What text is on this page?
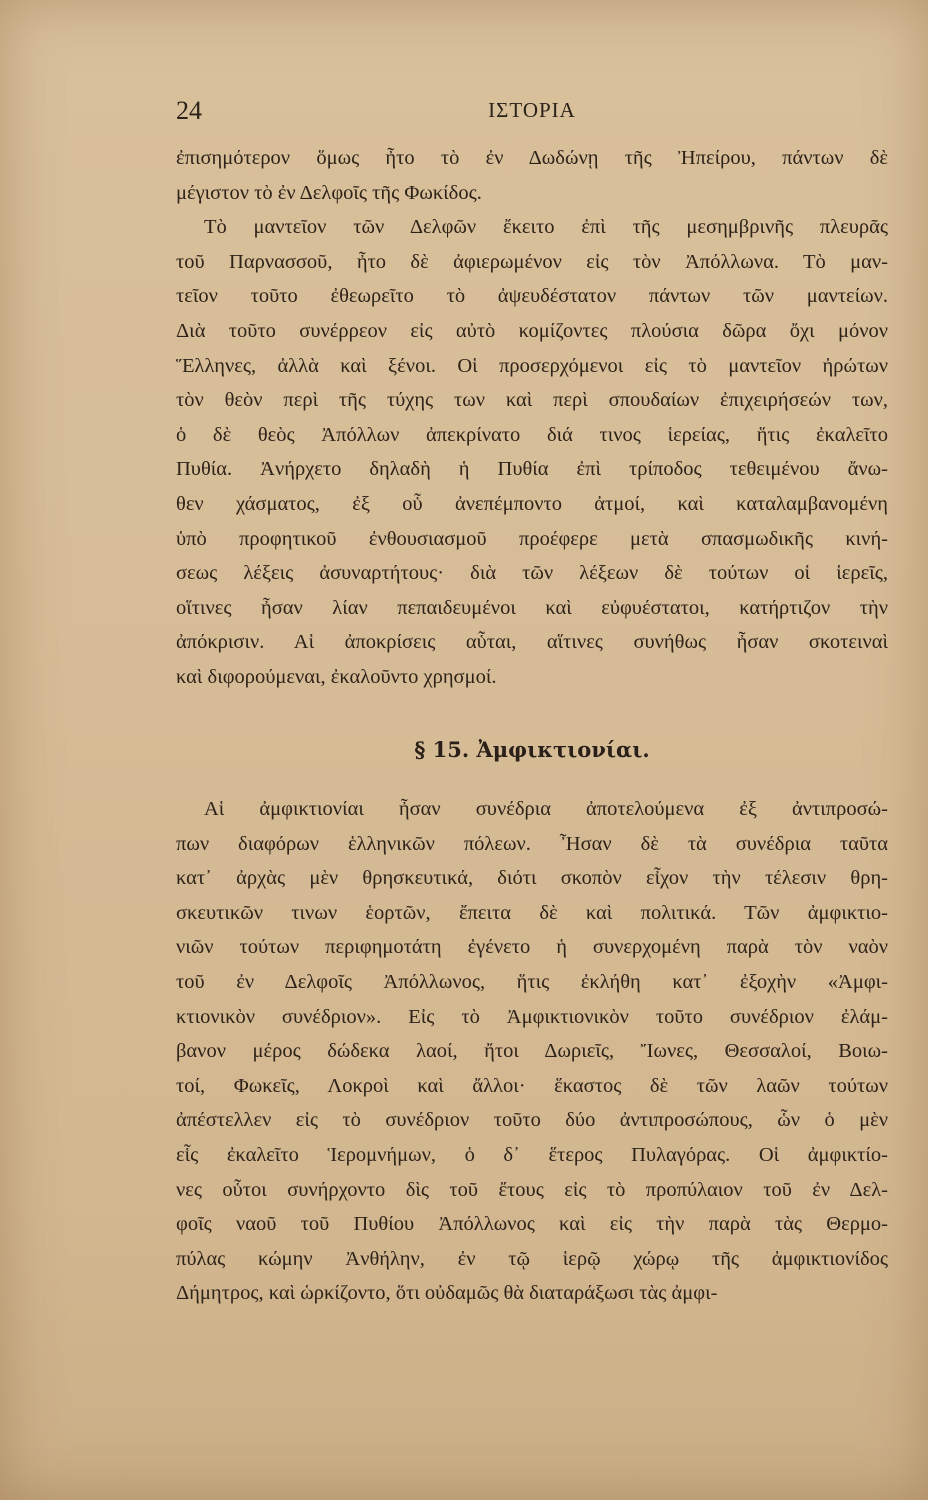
24	ΙΣΤΟΡΙΑ
ἐπισημότερον ὅμως ἦτο τὸ ἐν Δωδώνῃ τῆς Ἠπείρου, πάντων δὲ
μέγιστον τὸ ἐν Δελφοῖς τῆς Φωκίδος.
Τὸ μαντεῖον τῶν Δελφῶν ἔκειτο ἐπὶ τῆς μεσημβρινῆς πλευρᾶς
τοῦ Παρνασσοῦ, ἦτο δὲ ἀφιερωμένον εἰς τὸν Ἀπόλλωνα. Τὸ μαν-
τεῖον τοῦτο ἐθεωρεῖτο τὸ ἀψευδέστατον πάντων τῶν μαντείων.
Διὰ τοῦτο συνέρρεον εἰς αὐτὸ κομίζοντες πλούσια δῶρα ὄχι μόνον
Ἕλληνες, ἀλλὰ καὶ ξένοι. Οἱ προσερχόμενοι εἰς τὸ μαντεῖον ἠρώτων
τὸν θεὸν περὶ τῆς τύχης των καὶ περὶ σπουδαίων ἐπιχειρήσεών των,
ὁ δὲ θεὸς Ἀπόλλων ἀπεκρίνατο διά τινος ἱερείας, ἥτις ἐκαλεῖτο
Πυθία. Ἀνήρχετο δηλαδὴ ἡ Πυθία ἐπὶ τρίποδος τεθειμένου ἄνω-
θεν χάσματος, ἐξ οὗ ἀνεπέμποντο ἀτμοί, καὶ καταλαμβανομένη
ὑπὸ προφητικοῦ ἐνθουσιασμοῦ προέφερε μετὰ σπασμωδικῆς κινή-
σεως λέξεις ἀσυναρτήτους· διὰ τῶν λέξεων δὲ τούτων οἱ ἱερεῖς,
οἵτινες ἦσαν λίαν πεπαιδευμένοι καὶ εὐφυέστατοι, κατήρτιζον τὴν
ἀπόκρισιν. Αἱ ἀποκρίσεις αὗται, αἵτινες συνήθως ἦσαν σκοτειναὶ
καὶ διφορούμεναι, ἐκαλοῦντο χρησμοί.
§ 15. Ἀμφικτιονίαι.
Αἱ ἀμφικτιονίαι ἦσαν συνέδρια ἀποτελούμενα ἐξ ἀντιπροσώ-
πων διαφόρων ἑλληνικῶν πόλεων. Ἦσαν δὲ τὰ συνέδρια ταῦτα
κατ᾽ ἀρχὰς μὲν θρησκευτικά, διότι σκοπὸν εἶχον τὴν τέλεσιν θρη-
σκευτικῶν τινων ἑορτῶν, ἔπειτα δὲ καὶ πολιτικά. Τῶν ἀμφικτιο-
νιῶν τούτων περιφημοτάτη ἐγένετο ἡ συνερχομένη παρὰ τὸν ναὸν
τοῦ ἐν Δελφοῖς Ἀπόλλωνος, ἥτις ἐκλήθη κατ᾽ ἐξοχὴν «Ἀμφι-
κτιονικὸν συνέδριον». Εἰς τὸ Ἀμφικτιονικὸν τοῦτο συνέδριον ἐλάμ-
βανον μέρος δώδεκα λαοί, ἤτοι Δωριεῖς, Ἴωνες, Θεσσαλοί, Βοιω-
τοί, Φωκεῖς, Λοκροὶ καὶ ἄλλοι· ἕκαστος δὲ τῶν λαῶν τούτων
ἀπέστελλεν εἰς τὸ συνέδριον τοῦτο δύο ἀντιπροσώπους, ὧν ὁ μὲν
εἷς ἐκαλεῖτο Ἱερομνήμων, ὁ δ᾽ ἕτερος Πυλαγόρας. Οἱ ἀμφικτίο-
νες οὗτοι συνήρχοντο δὶς τοῦ ἔτους εἰς τὸ προπύλαιον τοῦ ἐν Δελ-
φοῖς ναοῦ τοῦ Πυθίου Ἀπόλλωνος καὶ εἰς τὴν παρὰ τὰς Θερμο-
πύλας κώμην Ἀνθήλην, ἐν τῷ ἱερῷ χώρῳ τῆς ἀμφικτιονίδος
Δήμητρος, καὶ ὡρκίζοντο, ὅτι οὐδαμῶς θὰ διαταράξωσι τὰς ἀμφι-
